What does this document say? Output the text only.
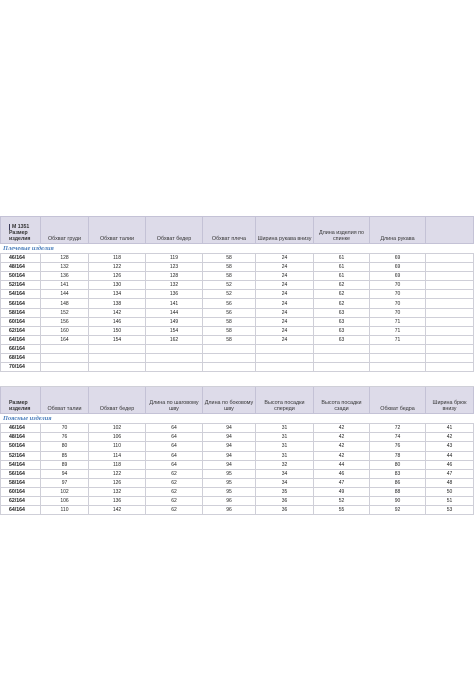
М 1351
Размер изделия	Обхват груди	Обхват талии	Обхват бедер	Обхват плеча	Ширина рукава внизу	Длина изделия по спинке	Длина рукава	
Плечевые изделия								
46/164	128	118	119	58	24	61	69	
48/164	132	122	123	58	24	61	69	
50/164	136	126	128	58	24	61	69	
52/164	141	130	132	52	24	62	70	
54/164	144	134	136	52	24	62	70	
56/164	148	138	141	56	24	62	70	
58/164	152	142	144	56	24	63	70	
60/164	156	146	149	58	24	63	71	
62/164	160	150	154	58	24	63	71	
64/164	164	154	162	58	24	63	71	
66/164								
68/164								
70/164								

Размер изделия	Обхват талии	Обхват бедер	Длина по шаговому шву	Длина по боковому шву	Высота посадки спереди	Высота посадки сзади	Обхват бедра	Ширина брюк внизу
Поясные изделия								
46/164	70	102	64	94	31	42	72	41
48/164	76	106	64	94	31	42	74	42
50/164	80	110	64	94	31	42	76	43
52/164	85	114	64	94	31	42	78	44
54/164	89	118	64	94	32	44	80	46
56/164	94	122	62	95	34	46	83	47
58/164	97	126	62	95	34	47	86	48
60/164	102	132	62	95	35	49	88	50
62/164	106	136	62	96	36	52	90	51
64/164	110	142	62	96	36	55	92	53
